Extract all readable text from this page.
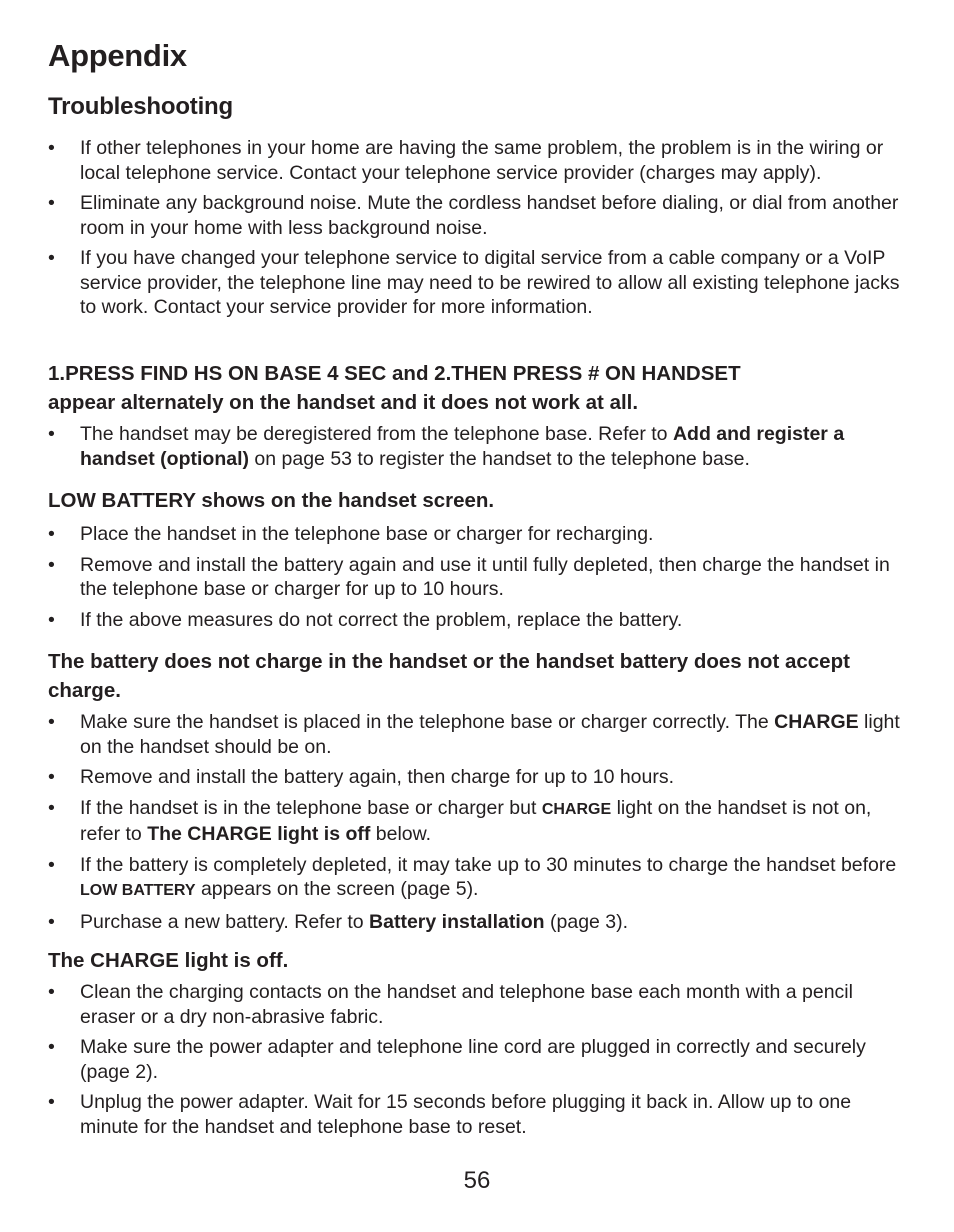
Appendix
Troubleshooting
• If other telephones in your home are having the same problem, the problem is in the wiring or local telephone service. Contact your telephone service provider (charges may apply).
• Eliminate any background noise. Mute the cordless handset before dialing, or dial from another room in your home with less background noise.
• If you have changed your telephone service to digital service from a cable company or a VoIP service provider, the telephone line may need to be rewired to allow all existing telephone jacks to work. Contact your service provider for more information.
1.PRESS FIND HS ON BASE 4 SEC and 2.THEN PRESS # ON HANDSET
appear alternately on the handset and it does not work at all.
• The handset may be deregistered from the telephone base. Refer to Add and register a handset (optional) on page 53 to register the handset to the telephone base.
LOW BATTERY shows on the handset screen.
• Place the handset in the telephone base or charger for recharging.
• Remove and install the battery again and use it until fully depleted, then charge the handset in the telephone base or charger for up to 10 hours.
• If the above measures do not correct the problem, replace the battery.
The battery does not charge in the handset or the handset battery does not accept charge.
• Make sure the handset is placed in the telephone base or charger correctly. The CHARGE light on the handset should be on.
• Remove and install the battery again, then charge for up to 10 hours.
• If the handset is in the telephone base or charger but CHARGE light on the handset is not on, refer to The CHARGE light is off below.
• If the battery is completely depleted, it may take up to 30 minutes to charge the handset before LOW BATTERY appears on the screen (page 5).
• Purchase a new battery. Refer to Battery installation (page 3).
The CHARGE light is off.
• Clean the charging contacts on the handset and telephone base each month with a pencil eraser or a dry non-abrasive fabric.
• Make sure the power adapter and telephone line cord are plugged in correctly and securely (page 2).
• Unplug the power adapter. Wait for 15 seconds before plugging it back in. Allow up to one minute for the handset and telephone base to reset.
56
